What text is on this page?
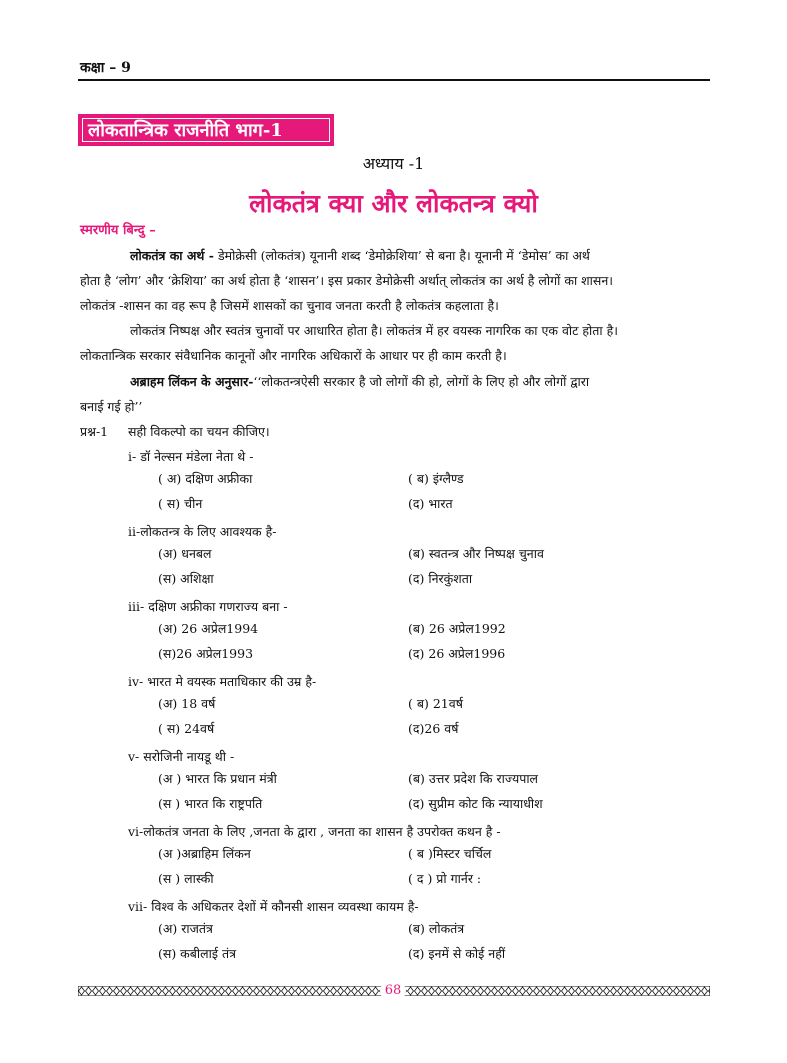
कक्षा – 9
लोकतान्त्रिक राजनीति भाग-1
अध्याय -1
लोकतंत्र क्या और लोकतन्त्र क्यो
स्मरणीय बिन्दु –
लोकतंत्र का अर्थ - डेमोक्रेसी (लोकतंत्र) यूनानी शब्द ‘डेमोक्रेशिया’ से बना है। यूनानी में ‘डेमोस’ का अर्थ
होता है ‘लोग’ और ‘क्रेशिया’ का अर्थ होता है ‘शासन’। इस प्रकार डेमोक्रेसी अर्थात् लोकतंत्र का अर्थ है लोगों का शासन।
लोकतंत्र -शासन का वह रूप है जिसमें शासकों का चुनाव जनता करती है लोकतंत्र कहलाता है।
लोकतंत्र निष्पक्ष और स्वतंत्र चुनावों पर आधारित होता है। लोकतंत्र में हर वयस्क नागरिक का एक वोट होता है।
लोकतान्त्रिक सरकार संवैधानिक कानूनों और नागरिक अधिकारों के आधार पर ही काम करती है।
अब्राहम लिंकन के अनुसार-‘‘लोकतन्त्रऐसी सरकार है जो लोगों की हो, लोगों के लिए हो और लोगों द्वारा
बनाई गई हो’’
प्रश्न-1 सही विकल्पो का चयन कीजिए।
i- डॉ नेल्सन मंडेला नेता थे -
( अ) दक्षिण अफ्रीका	( ब) इंग्लैण्ड
( स) चीन	(द) भारत
ii-लोकतन्त्र के लिए आवश्यक है-
(अ) धनबल	(ब) स्वतन्त्र और निष्पक्ष चुनाव
(स) अशिक्षा	(द) निरकुंशता
iii- दक्षिण अफ्रीका गणराज्य बना -
(अ) 26 अप्रेल1994	(ब) 26 अप्रेल1992
(स)26 अप्रेल1993	(द) 26 अप्रेल1996
iv- भारत मे वयस्क मताधिकार की उम्र है-
(अ) 18 वर्ष	( ब) 21वर्ष
( स) 24वर्ष	(द)26 वर्ष
v- सरोजिनी नायडू थी -
(अ ) भारत कि प्रधान मंत्री	(ब) उत्तर प्रदेश कि राज्यपाल
(स ) भारत कि राष्ट्रपति	(द) सुप्रीम कोट कि न्यायाधीश
vi-लोकतंत्र जनता के लिए ,जनता के द्वारा , जनता का शासन है उपरोक्त कथन है -
(अ )अब्राहिम लिंकन	( ब )मिस्टर चर्चिल
(स ) लास्की	( द ) प्रो गार्नर :
vii- विश्व के अधिकतर देशों में कौनसी शासन व्यवस्था कायम है-
(अ) राजतंत्र	(ब) लोकतंत्र
(स) कबीलाई तंत्र	(द) इनमें से कोई नहीं
68
